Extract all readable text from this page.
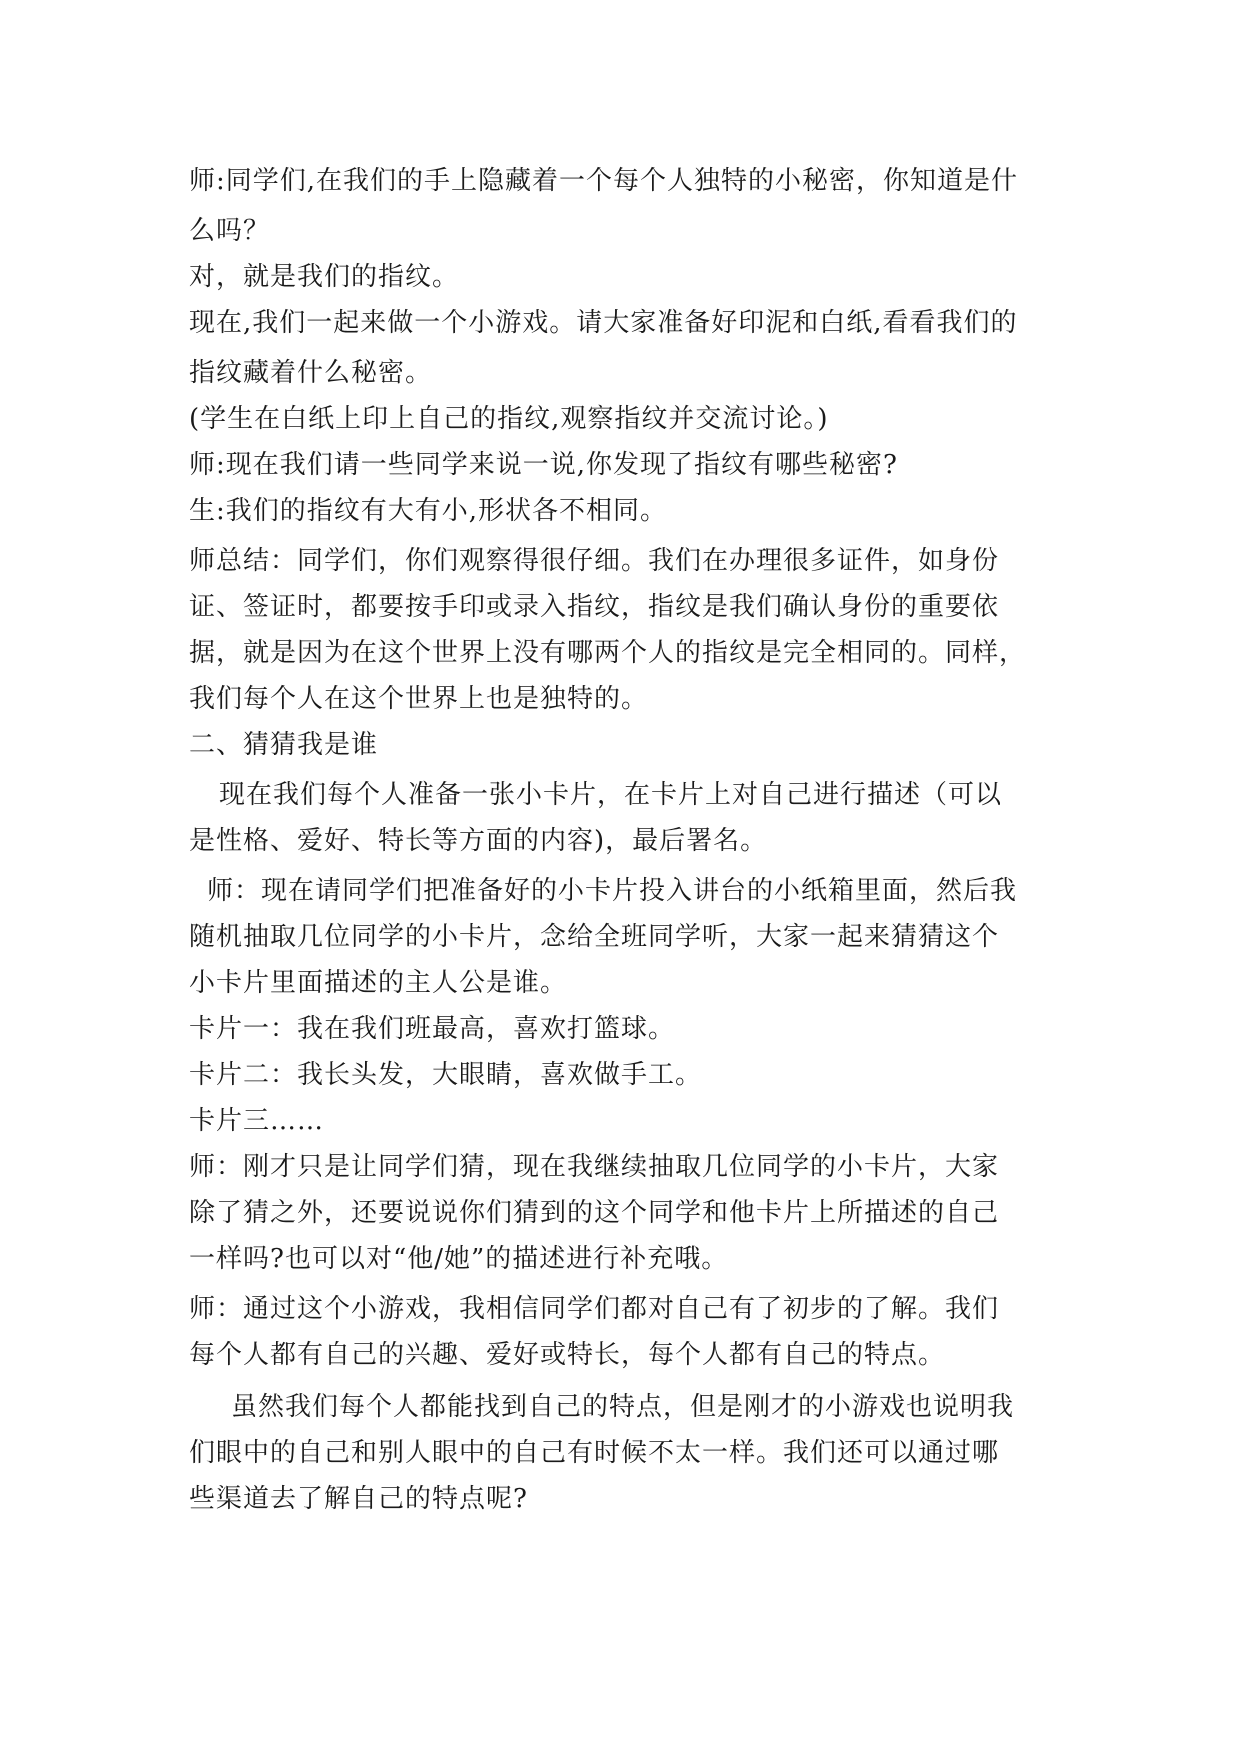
师:同学们,在我们的手上隐藏着一个每个人独特的小秘密，你知道是什
么吗？
对，就是我们的指纹。
现在,我们一起来做一个小游戏。请大家准备好印泥和白纸,看看我们的
指纹藏着什么秘密。
(学生在白纸上印上自己的指纹,观察指纹并交流讨论。)
师:现在我们请一些同学来说一说,你发现了指纹有哪些秘密?
生:我们的指纹有大有小,形状各不相同。
师总结：同学们，你们观察得很仔细。我们在办理很多证件，如身份
证、签证时，都要按手印或录入指纹，指纹是我们确认身份的重要依
据，就是因为在这个世界上没有哪两个人的指纹是完全相同的。同样，
我们每个人在这个世界上也是独特的。
二、猜猜我是谁
现在我们每个人准备一张小卡片，在卡片上对自己进行描述（可以
是性格、爱好、特长等方面的内容)，最后署名。
师：现在请同学们把准备好的小卡片投入讲台的小纸箱里面，然后我
随机抽取几位同学的小卡片，念给全班同学听，大家一起来猜猜这个
小卡片里面描述的主人公是谁。
卡片一：我在我们班最高，喜欢打篮球。
卡片二：我长头发，大眼睛，喜欢做手工。
卡片三……
师：刚才只是让同学们猜，现在我继续抽取几位同学的小卡片，大家
除了猜之外，还要说说你们猜到的这个同学和他卡片上所描述的自己
一样吗?也可以对“他/她”的描述进行补充哦。
师：通过这个小游戏，我相信同学们都对自己有了初步的了解。我们
每个人都有自己的兴趣、爱好或特长，每个人都有自己的特点。
虽然我们每个人都能找到自己的特点，但是刚才的小游戏也说明我
们眼中的自己和别人眼中的自己有时候不太一样。我们还可以通过哪
些渠道去了解自己的特点呢?
